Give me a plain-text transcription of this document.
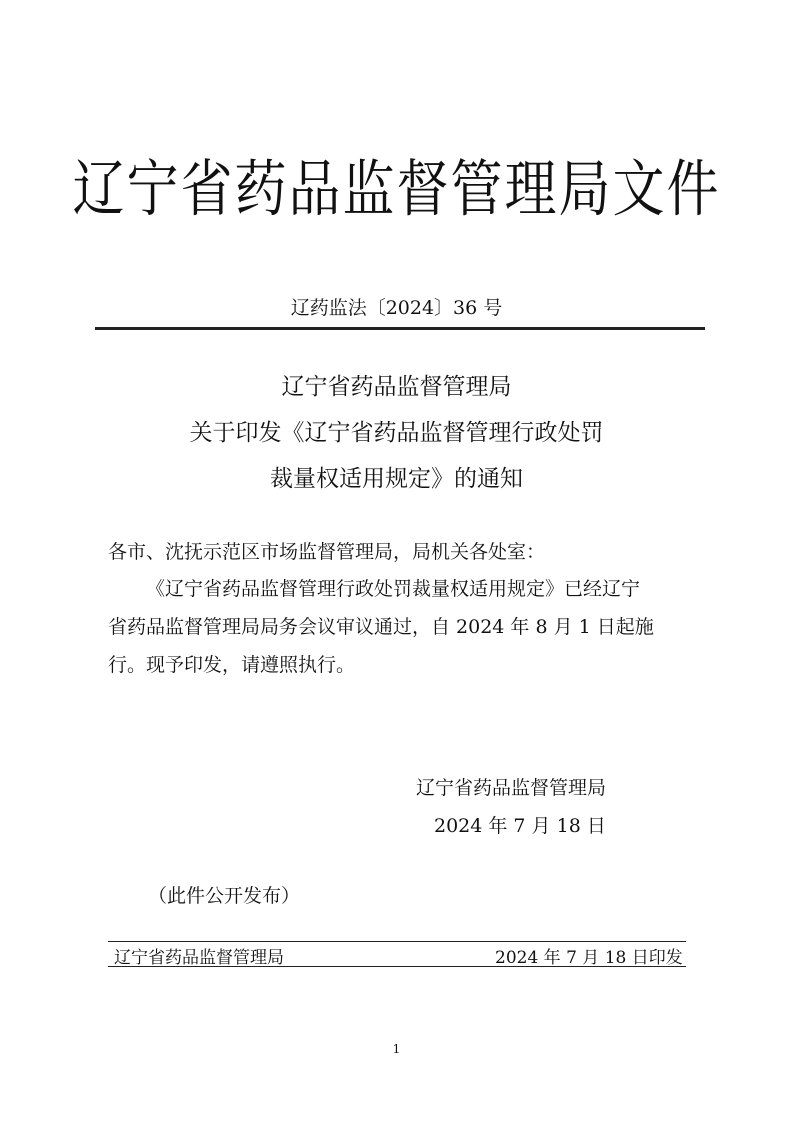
辽宁省药品监督管理局文件
辽药监法〔2024〕36 号
辽宁省药品监督管理局
关于印发《辽宁省药品监督管理行政处罚
裁量权适用规定》的通知
各市、沈抚示范区市场监督管理局，局机关各处室：
《辽宁省药品监督管理行政处罚裁量权适用规定》已经辽宁
省药品监督管理局局务会议审议通过，自 2024 年 8 月 1 日起施
行。现予印发，请遵照执行。
辽宁省药品监督管理局
2024 年 7 月 18 日
（此件公开发布）
辽宁省药品监督管理局	2024 年 7 月 18 日印发
1
